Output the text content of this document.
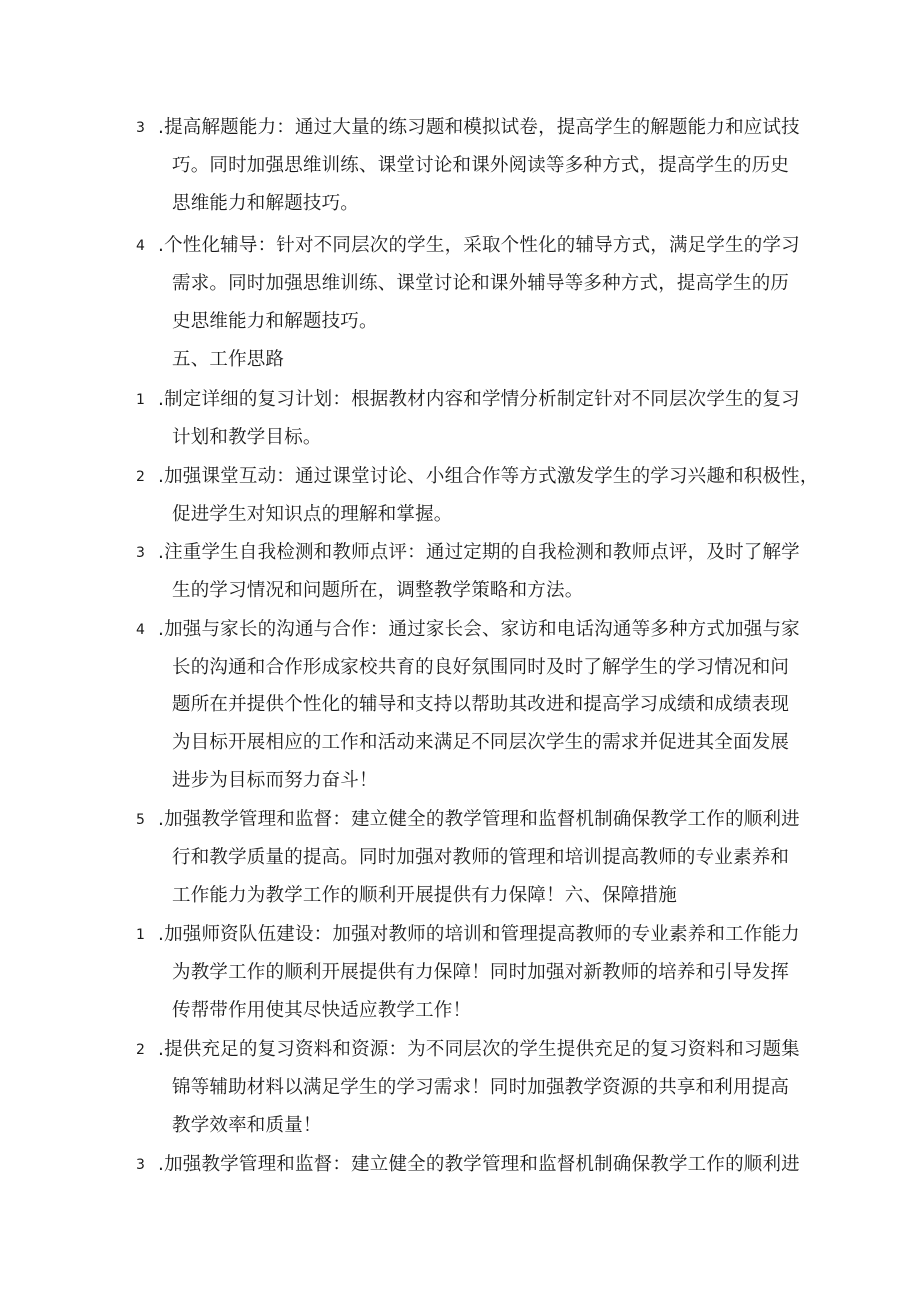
3 .提高解题能力：通过大量的练习题和模拟试卷，提高学生的解题能力和应试技
巧。同时加强思维训练、课堂讨论和课外阅读等多种方式，提高学生的历史
思维能力和解题技巧。
4 .个性化辅导：针对不同层次的学生，采取个性化的辅导方式，满足学生的学习
需求。同时加强思维训练、课堂讨论和课外辅导等多种方式，提高学生的历
史思维能力和解题技巧。
五、工作思路
1 .制定详细的复习计划：根据教材内容和学情分析制定针对不同层次学生的复习
计划和教学目标。
2 .加强课堂互动：通过课堂讨论、小组合作等方式激发学生的学习兴趣和积极性，
促进学生对知识点的理解和掌握。
3 .注重学生自我检测和教师点评：通过定期的自我检测和教师点评，及时了解学
生的学习情况和问题所在，调整教学策略和方法。
4 .加强与家长的沟通与合作：通过家长会、家访和电话沟通等多种方式加强与家
长的沟通和合作形成家校共育的良好氛围同时及时了解学生的学习情况和问
题所在并提供个性化的辅导和支持以帮助其改进和提高学习成绩和成绩表现
为目标开展相应的工作和活动来满足不同层次学生的需求并促进其全面发展
进步为目标而努力奋斗！
5 .加强教学管理和监督：建立健全的教学管理和监督机制确保教学工作的顺利进
行和教学质量的提高。同时加强对教师的管理和培训提高教师的专业素养和
工作能力为教学工作的顺利开展提供有力保障！六、保障措施
1 .加强师资队伍建设：加强对教师的培训和管理提高教师的专业素养和工作能力
为教学工作的顺利开展提供有力保障！同时加强对新教师的培养和引导发挥
传帮带作用使其尽快适应教学工作！
2 .提供充足的复习资料和资源：为不同层次的学生提供充足的复习资料和习题集
锦等辅助材料以满足学生的学习需求！同时加强教学资源的共享和利用提高
教学效率和质量！
3 .加强教学管理和监督：建立健全的教学管理和监督机制确保教学工作的顺利进
